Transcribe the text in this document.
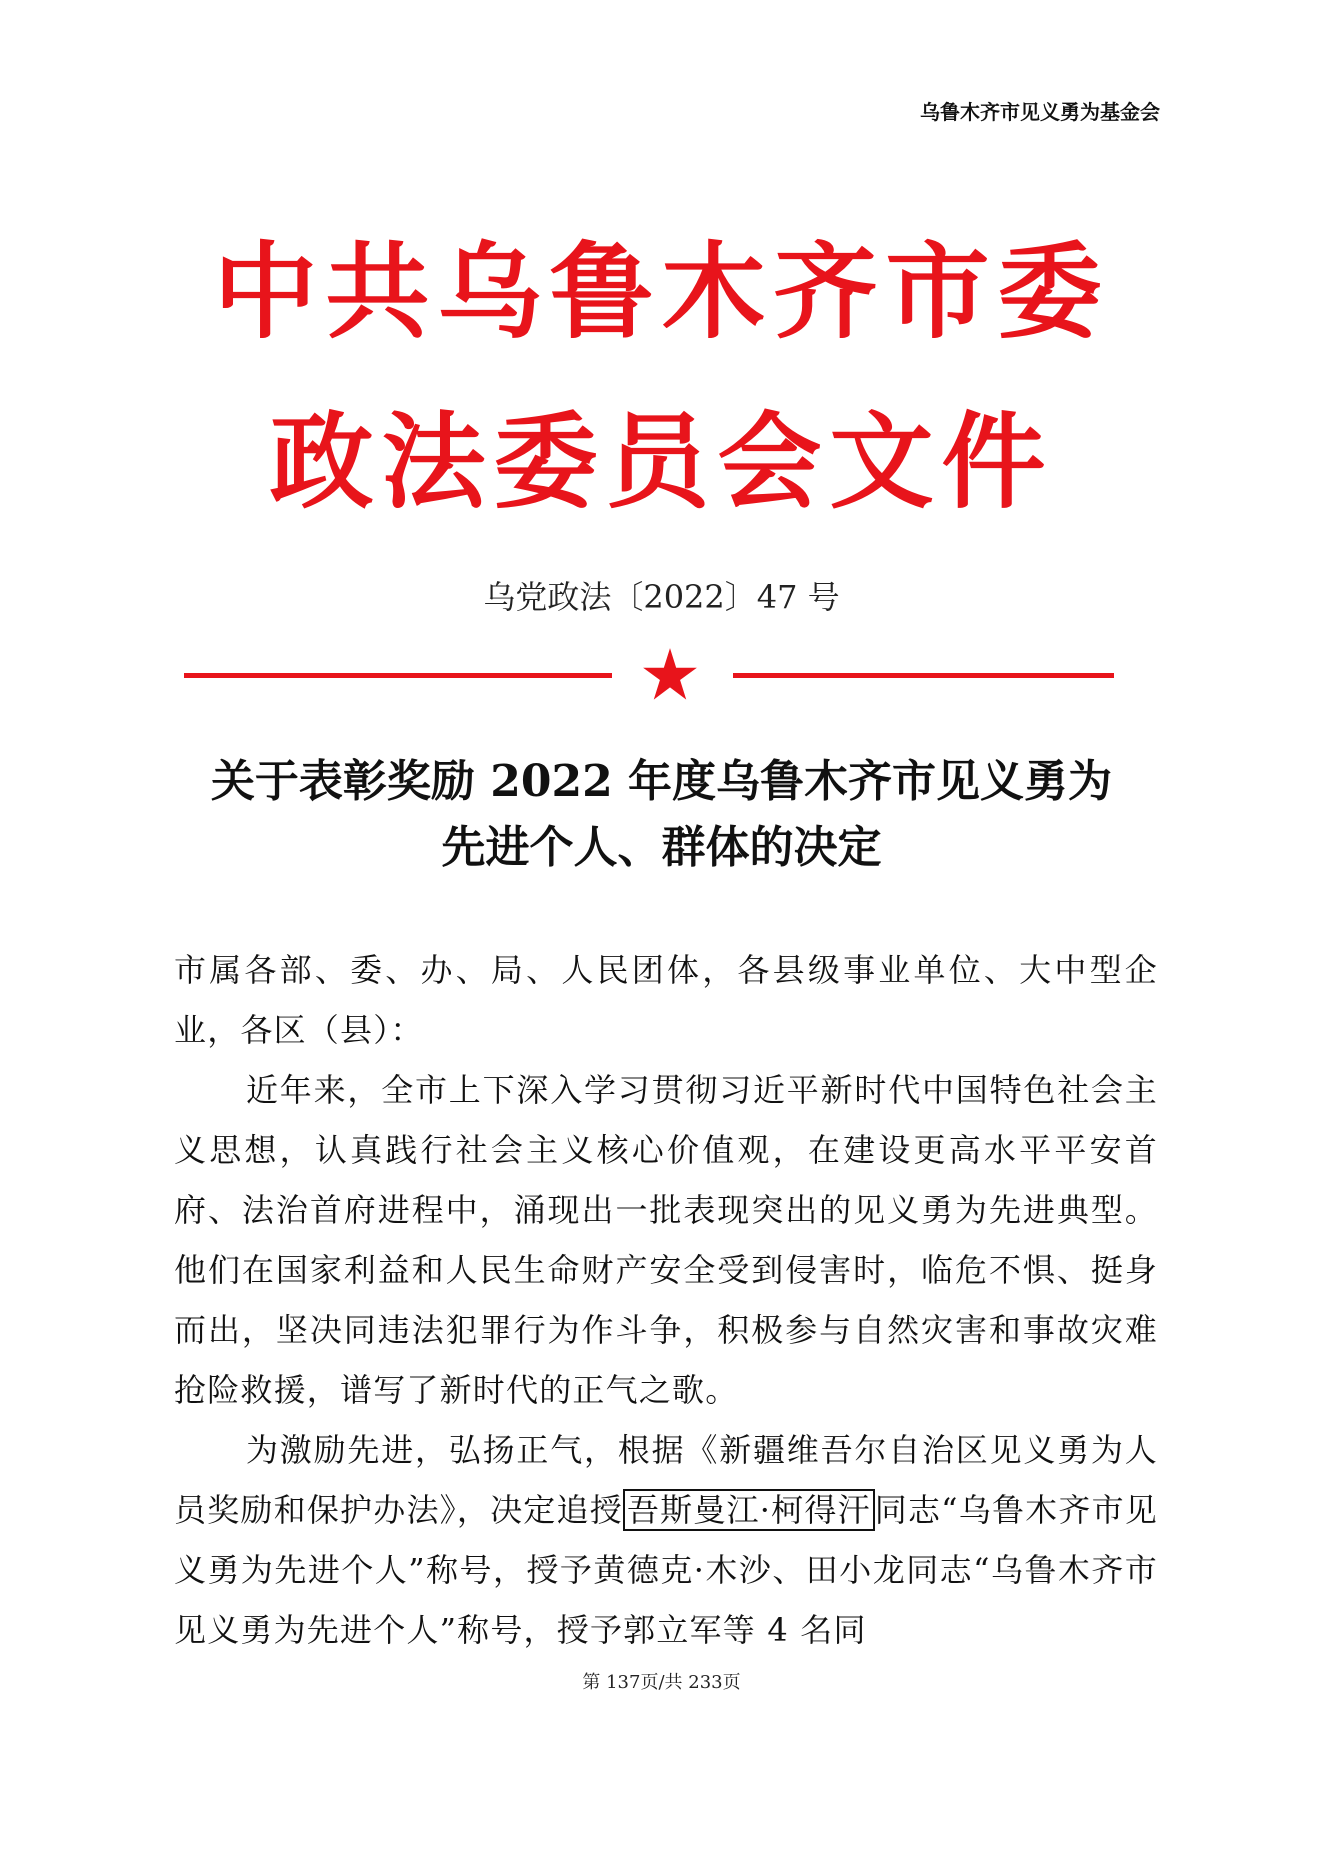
乌鲁木齐市见义勇为基金会
中共乌鲁木齐市委
政法委员会文件
乌党政法〔2022〕47 号
关于表彰奖励 2022 年度乌鲁木齐市见义勇为
先进个人、群体的决定

市属各部、委、办、局、人民团体，各县级事业单位、大中型企业，各区（县）：

近年来，全市上下深入学习贯彻习近平新时代中国特色社会主义思想，认真践行社会主义核心价值观，在建设更高水平平安首府、法治首府进程中，涌现出一批表现突出的见义勇为先进典型。他们在国家利益和人民生命财产安全受到侵害时，临危不惧、挺身而出，坚决同违法犯罪行为作斗争，积极参与自然灾害和事故灾难抢险救援，谱写了新时代的正气之歌。

为激励先进，弘扬正气，根据《新疆维吾尔自治区见义勇为人员奖励和保护办法》，决定追授 吾斯曼江·柯得汗 同志“乌鲁木齐市见义勇为先进个人”称号，授予黄德克·木沙、田小龙同志“乌鲁木齐市见义勇为先进个人”称号，授予郭立军等 4 名同

第 137页/共 233页
